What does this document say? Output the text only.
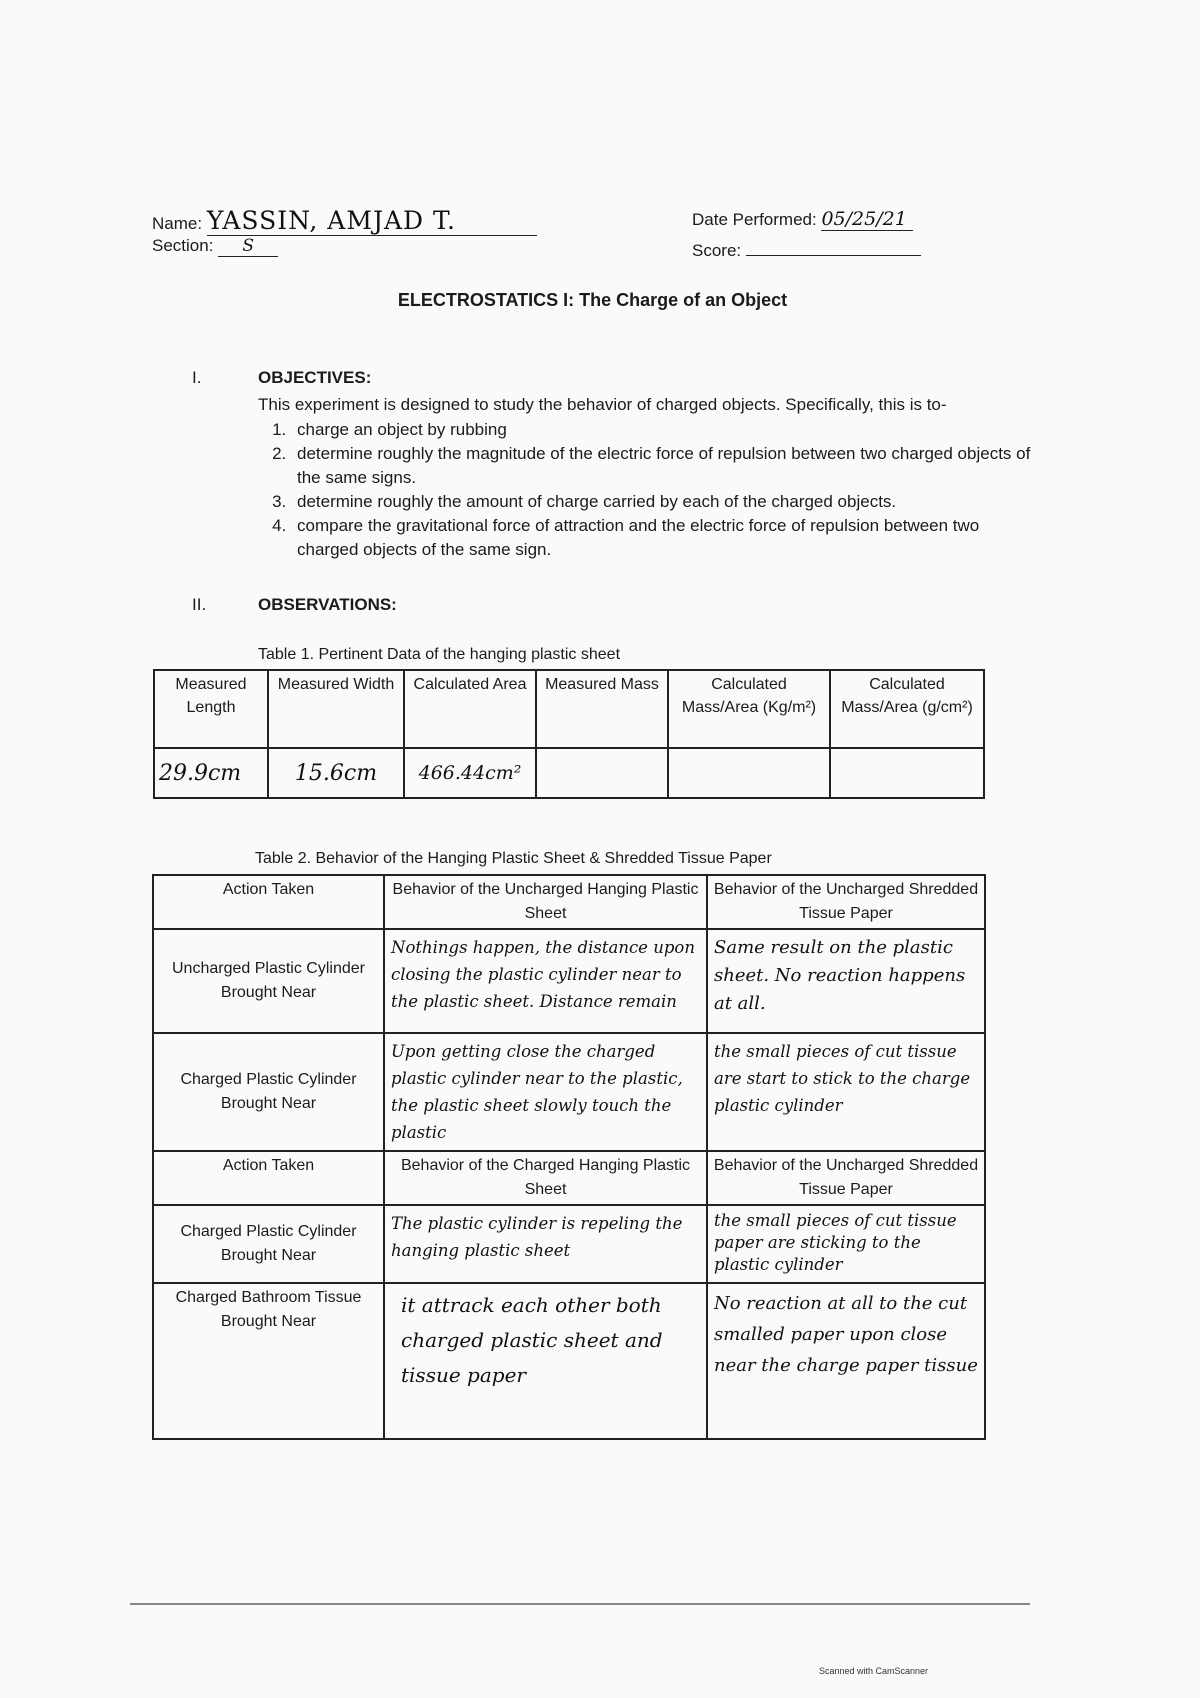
Name: YASSIN, AMJAD T.
Section: S
Date Performed: 05/25/21
Score:
ELECTROSTATICS I: The Charge of an Object
I.	OBJECTIVES:
This experiment is designed to study the behavior of charged objects. Specifically, this is to-
1. charge an object by rubbing
2. determine roughly the magnitude of the electric force of repulsion between two charged objects of the same signs.
3. determine roughly the amount of charge carried by each of the charged objects.
4. compare the gravitational force of attraction and the electric force of repulsion between two charged objects of the same sign.
II.	OBSERVATIONS:
Table 1. Pertinent Data of the hanging plastic sheet
Measured Length	Measured Width	Calculated Area	Measured Mass	Calculated Mass/Area (Kg/m²)	Calculated Mass/Area (g/cm²)
29.9cm	15.6cm	466.44cm²			
Table 2. Behavior of the Hanging Plastic Sheet & Shredded Tissue Paper
Action Taken	Behavior of the Uncharged Hanging Plastic Sheet	Behavior of the Uncharged Shredded Tissue Paper
Uncharged Plastic Cylinder Brought Near	Nothings happen, the distance upon closing the plastic cylinder near to the plastic sheet. Distance remain	Same result on the plastic sheet. No reaction happens at all.
Charged Plastic Cylinder Brought Near	Upon getting close the charged plastic cylinder near to the plastic, the plastic sheet slowly touch the plastic	the small pieces of cut tissue are start to stick to the charge plastic cylinder
Action Taken	Behavior of the Charged Hanging Plastic Sheet	Behavior of the Uncharged Shredded Tissue Paper
Charged Plastic Cylinder Brought Near	The plastic cylinder is repeling the hanging plastic sheet	the small pieces of cut tissue paper are sticking to the plastic cylinder
Charged Bathroom Tissue Brought Near	it attrack each other both charged plastic sheet and tissue paper	No reaction at all to the cut smalled paper upon close near the charge paper tissue
Scanned with CamScanner
